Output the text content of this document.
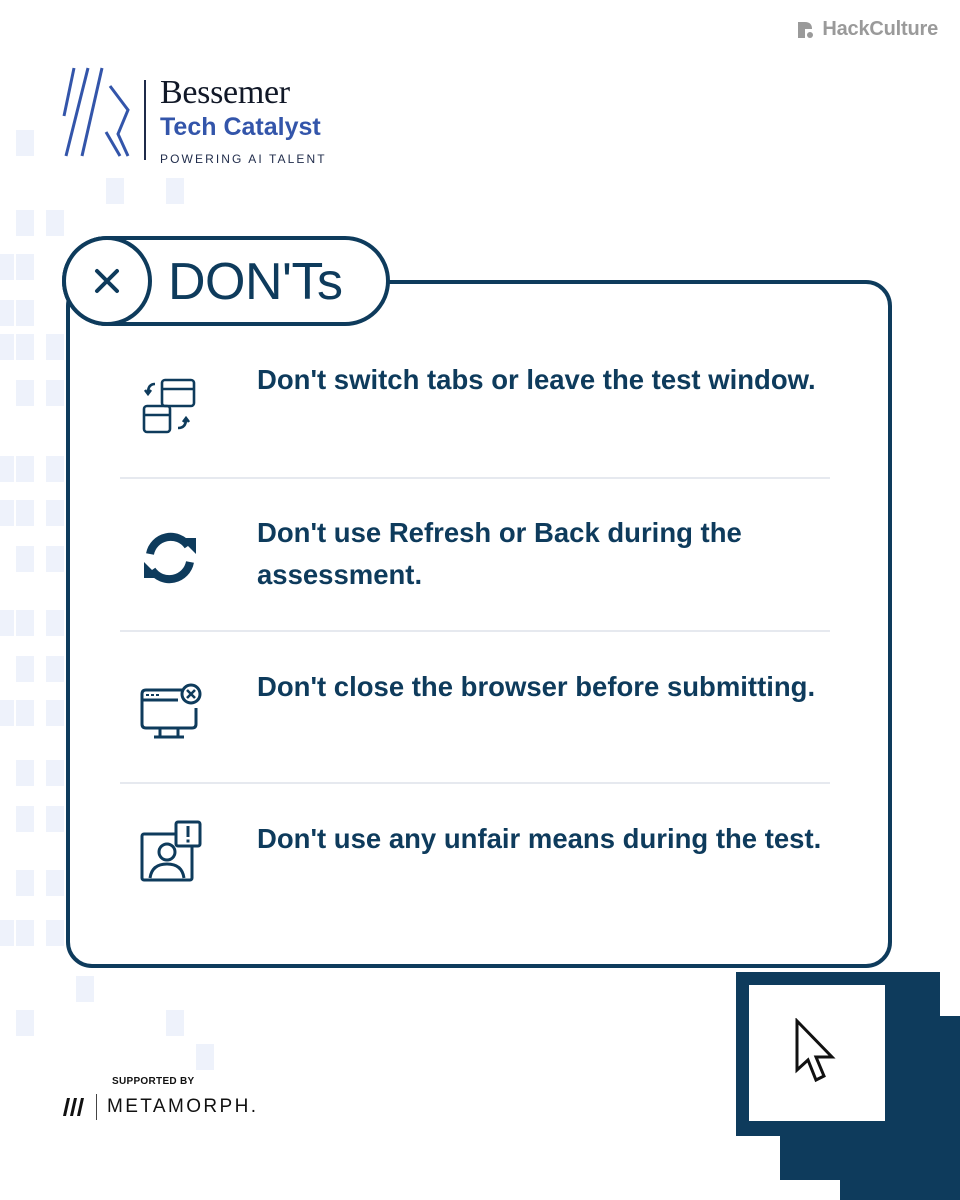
HackCulture
Bessemer
Tech Catalyst
POWERING AI TALENT
DON'Ts
Don't switch tabs or leave the test window.
Don't use Refresh or Back during the assessment.
Don't close the browser before submitting.
Don't use any unfair means during the test.
SUPPORTED BY
METAMORPH.
